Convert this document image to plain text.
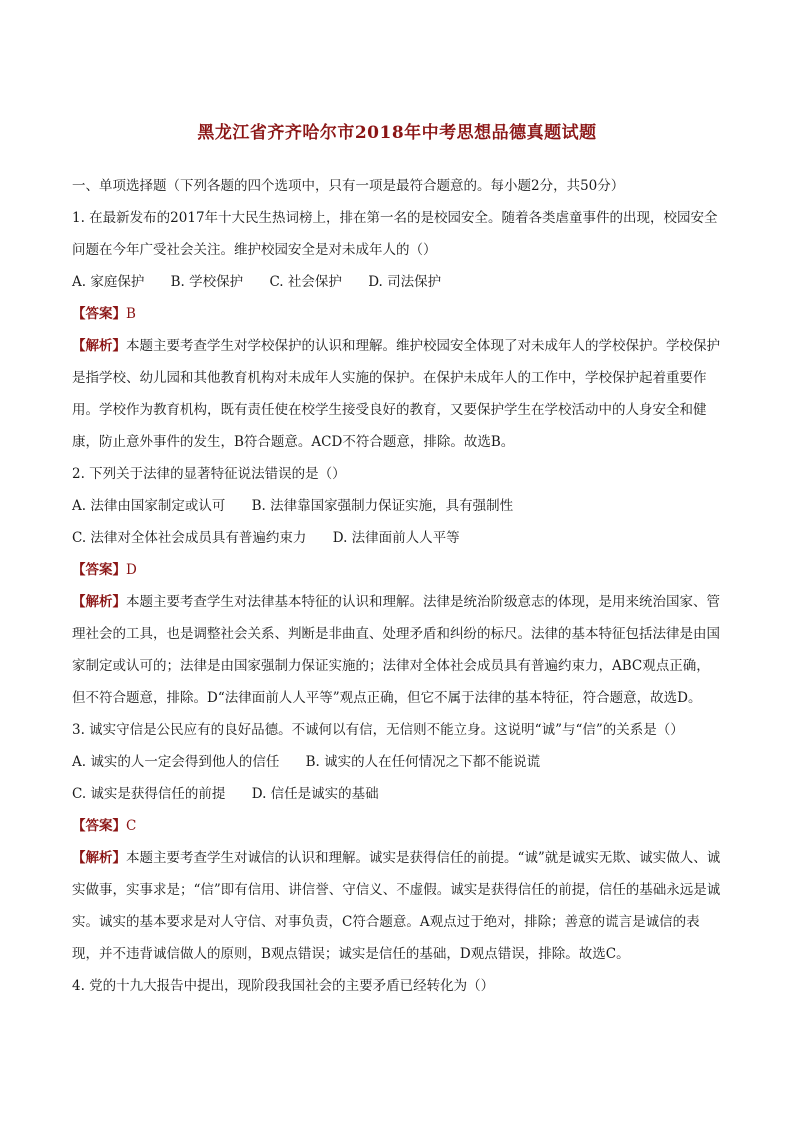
黑龙江省齐齐哈尔市2018年中考思想品德真题试题

一、单项选择题（下列各题的四个选项中，只有一项是最符合题意的。每小题2分，共50分）

1. 在最新发布的2017年十大民生热词榜上，排在第一名的是校园安全。随着各类虐童事件的出现，校园安全问题在今年广受社会关注。维护校园安全是对未成年人的（）

A. 家庭保护 B. 学校保护 C. 社会保护 D. 司法保护

【答案】B

【解析】本题主要考查学生对学校保护的认识和理解。维护校园安全体现了对未成年人的学校保护。学校保护是指学校、幼儿园和其他教育机构对未成年人实施的保护。在保护未成年人的工作中，学校保护起着重要作用。学校作为教育机构，既有责任使在校学生接受良好的教育，又要保护学生在学校活动中的人身安全和健康，防止意外事件的发生，B符合题意。ACD不符合题意，排除。故选B。

2. 下列关于法律的显著特征说法错误的是（）

A. 法律由国家制定或认可 B. 法律靠国家强制力保证实施，具有强制性

C. 法律对全体社会成员具有普遍约束力 D. 法律面前人人平等

【答案】D

【解析】本题主要考查学生对法律基本特征的认识和理解。法律是统治阶级意志的体现，是用来统治国家、管理社会的工具，也是调整社会关系、判断是非曲直、处理矛盾和纠纷的标尺。法律的基本特征包括法律是由国家制定或认可的；法律是由国家强制力保证实施的；法律对全体社会成员具有普遍约束力，ABC观点正确，但不符合题意，排除。D“法律面前人人平等”观点正确，但它不属于法律的基本特征，符合题意，故选D。

3. 诚实守信是公民应有的良好品德。不诚何以有信，无信则不能立身。这说明“诚”与“信”的关系是（）

A. 诚实的人一定会得到他人的信任 B. 诚实的人在任何情况之下都不能说谎

C. 诚实是获得信任的前提 D. 信任是诚实的基础

【答案】C

【解析】本题主要考查学生对诚信的认识和理解。诚实是获得信任的前提。“诚”就是诚实无欺、诚实做人、诚实做事，实事求是；“信”即有信用、讲信誉、守信义、不虚假。诚实是获得信任的前提，信任的基础永远是诚实。诚实的基本要求是对人守信、对事负责，C符合题意。A观点过于绝对，排除；善意的谎言是诚信的表现，并不违背诚信做人的原则，B观点错误；诚实是信任的基础，D观点错误，排除。故选C。

4. 党的十九大报告中提出，现阶段我国社会的主要矛盾已经转化为（）
